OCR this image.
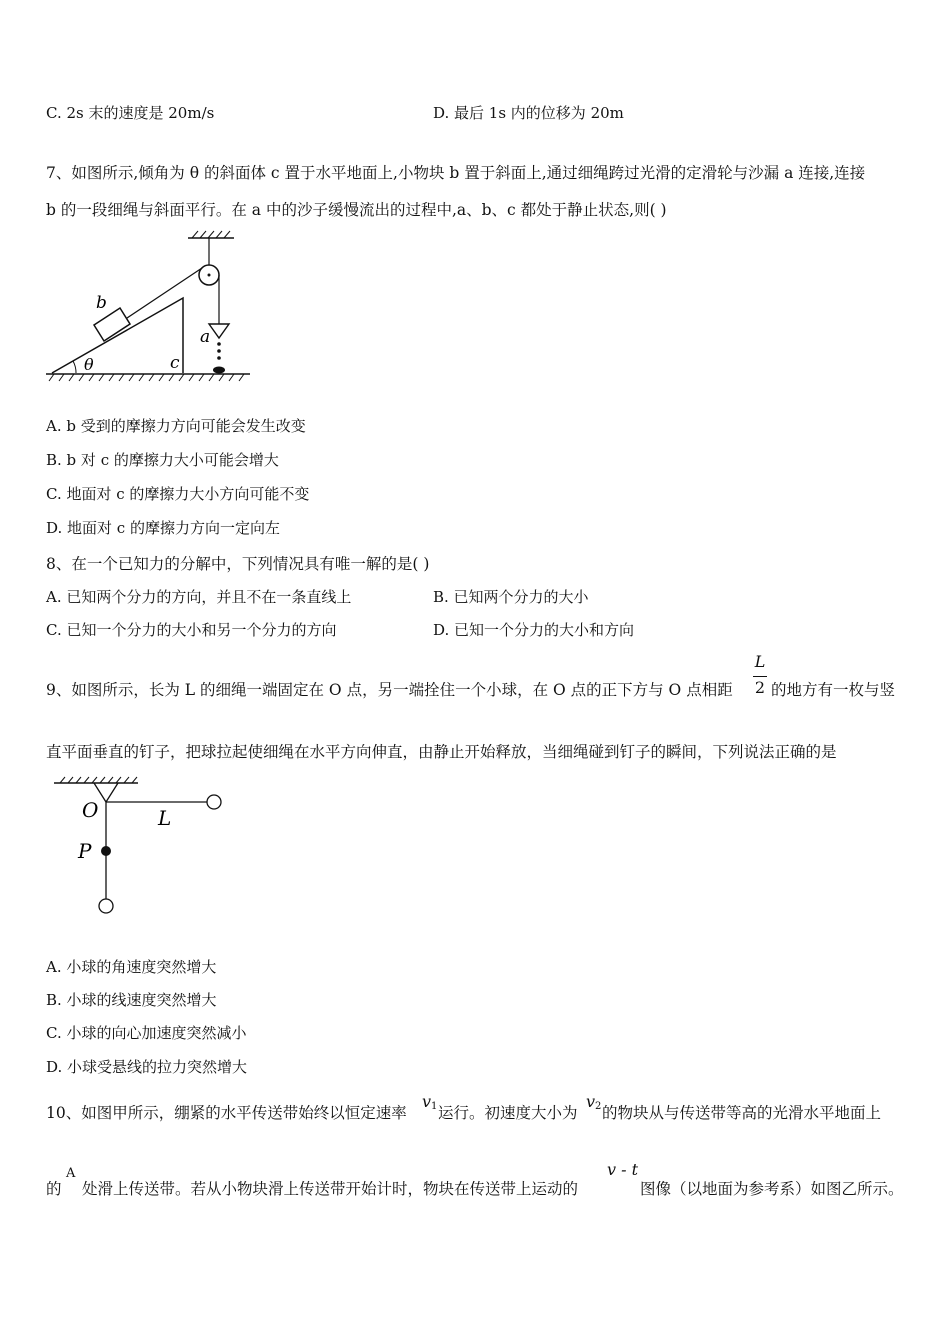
C. 2s 末的速度是 20m/s	D. 最后 1s 内的位移为 20m
7、如图所示,倾角为 θ 的斜面体 c 置于水平地面上,小物块 b 置于斜面上,通过细绳跨过光滑的定滑轮与沙漏 a 连接,连接
b 的一段细绳与斜面平行。在 a 中的沙子缓慢流出的过程中,a、b、c 都处于静止状态,则( )
b
a
θ	c
A. b 受到的摩擦力方向可能会发生改变
B. b 对 c 的摩擦力大小可能会增大
C. 地面对 c 的摩擦力大小方向可能不变
D. 地面对 c 的摩擦力方向一定向左
8、在一个已知力的分解中，下列情况具有唯一解的是( )
A. 已知两个分力的方向，并且不在一条直线上	B. 已知两个分力的大小
C. 已知一个分力的大小和另一个分力的方向	D. 已知一个分力的大小和方向
9、如图所示，长为 L 的细绳一端固定在 O 点，另一端拴住一个小球，在 O 点的正下方与 O 点相距
L
2 的地方有一枚与竖
直平面垂直的钉子，把球拉起使细绳在水平方向伸直，由静止开始释放，当细绳碰到钉子的瞬间，下列说法正确的是
O	L
P
A. 小球的角速度突然增大
B. 小球的线速度突然增大
C. 小球的向心加速度突然减小
D. 小球受悬线的拉力突然增大
10、如图甲所示，绷紧的水平传送带始终以恒定速率
$v_1$ 运行。初速度大小为
$v_2$ 的物块从与传送带等高的光滑水平地面上
的
A
处滑上传送带。若从小物块滑上传送带开始计时，物块在传送带上运动的
v - t
图像（以地面为参考系）如图乙所示。
